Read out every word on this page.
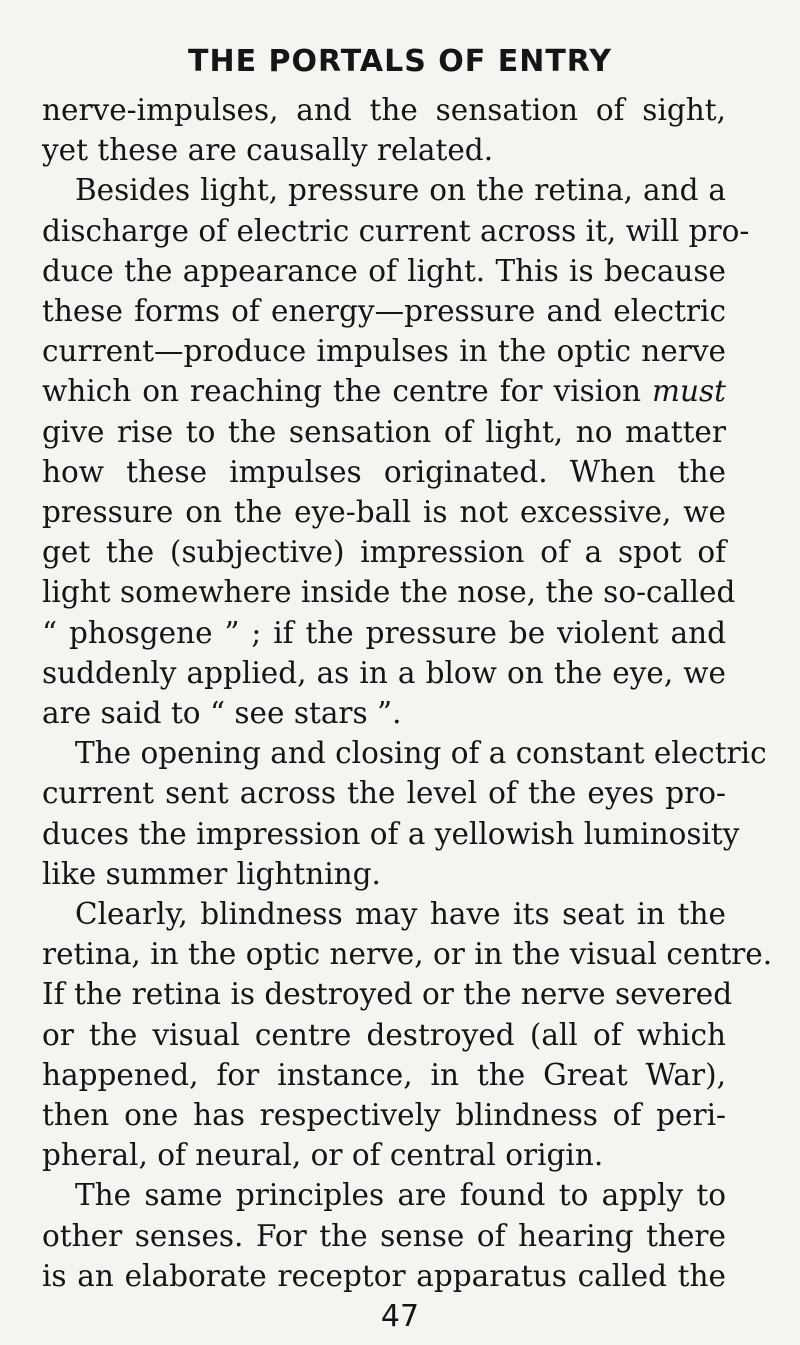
THE PORTALS OF ENTRY
nerve-impulses, and the sensation of sight,
yet these are causally related.
Besides light, pressure on the retina, and a
discharge of electric current across it, will pro-
duce the appearance of light. This is because
these forms of energy—pressure and electric
current—produce impulses in the optic nerve
which on reaching the centre for vision must
give rise to the sensation of light, no matter
how these impulses originated. When the
pressure on the eye-ball is not excessive, we
get the (subjective) impression of a spot of
light somewhere inside the nose, the so-called
“ phosgene ” ; if the pressure be violent and
suddenly applied, as in a blow on the eye, we
are said to “ see stars ”.
The opening and closing of a constant electric
current sent across the level of the eyes pro-
duces the impression of a yellowish luminosity
like summer lightning.
Clearly, blindness may have its seat in the
retina, in the optic nerve, or in the visual centre.
If the retina is destroyed or the nerve severed
or the visual centre destroyed (all of which
happened, for instance, in the Great War),
then one has respectively blindness of peri-
pheral, of neural, or of central origin.
The same principles are found to apply to
other senses. For the sense of hearing there
is an elaborate receptor apparatus called the
47
